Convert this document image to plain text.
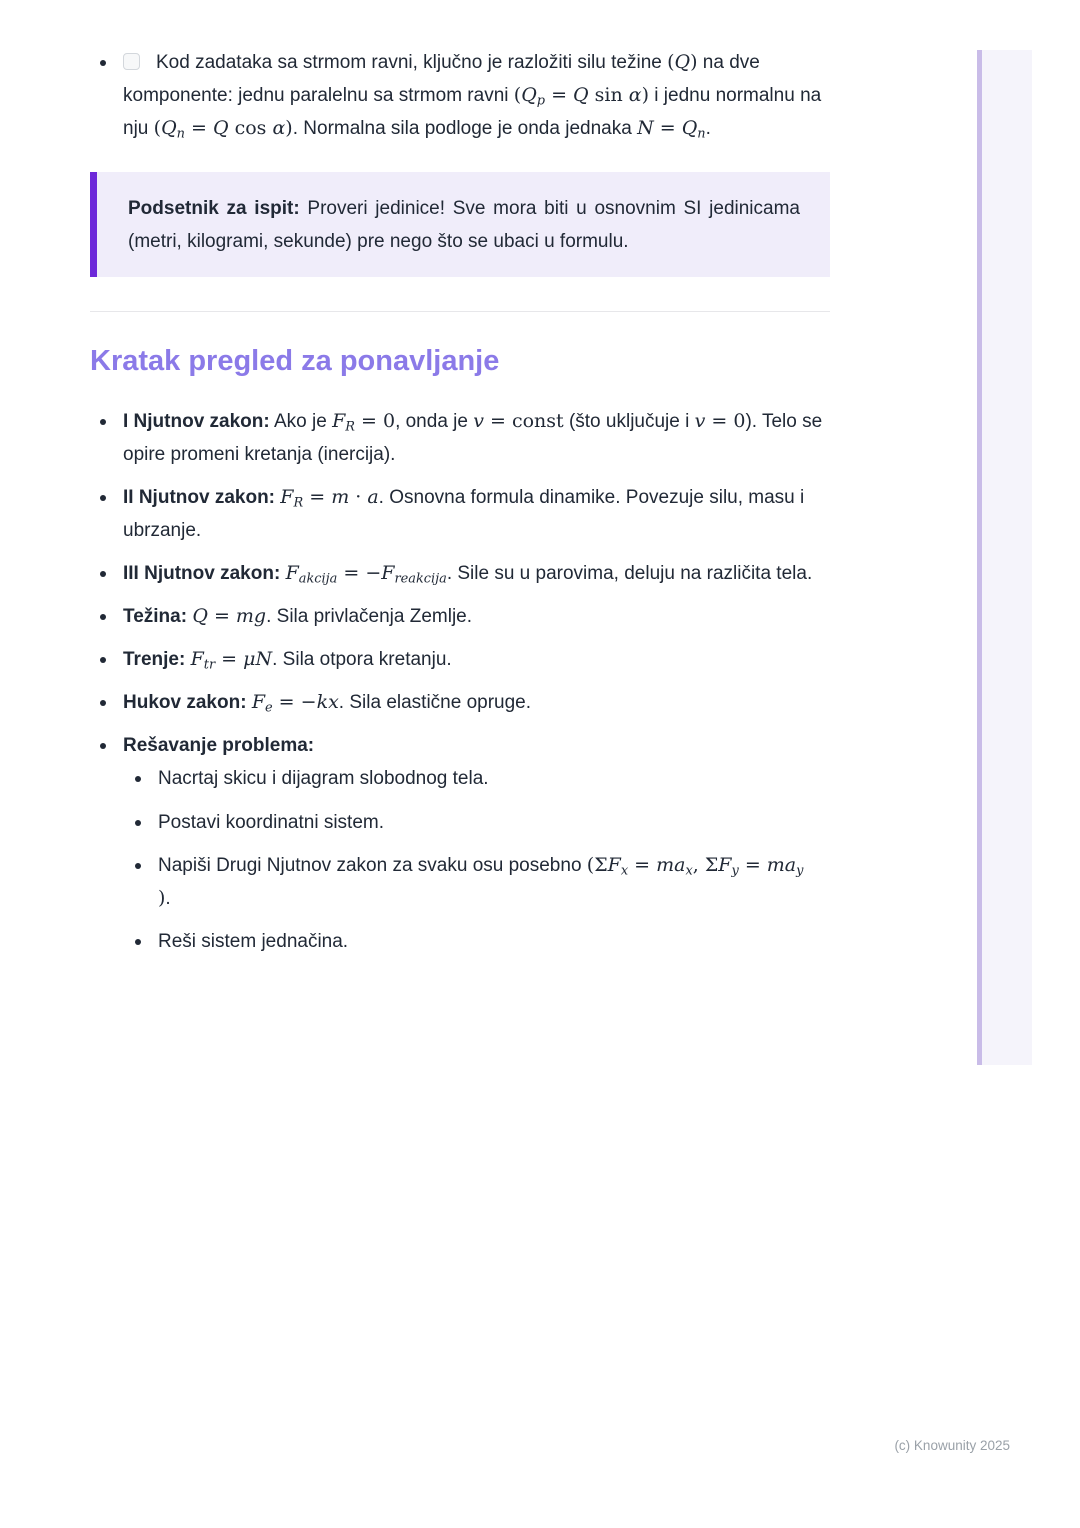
Kod zadataka sa strmom ravni, ključno je razložiti silu težine (Q) na dve komponente: jednu paralelnu sa strmom ravni ($Q_p = Q$ sin α) i jednu normalnu na nju ($Q_n = Q$ cos α). Normalna sila podloge je onda jednaka $N = Q_n$.

Podsetnik za ispit: Proveri jedinice! Sve mora biti u osnovnim SI jedinicama (metri, kilogrami, sekunde) pre nego što se ubaci u formulu.

Kratak pregled za ponavljanje
I Njutnov zakon: Ako je $F_R = 0$, onda je v = const (što uključuje i v = 0). Telo se opire promeni kretanja (inercija).
II Njutnov zakon: $F_R = m \cdot a$. Osnovna formula dinamike. Povezuje silu, masu i ubrzanje.
III Njutnov zakon: $F_{akcija} = -F_{reakcija}$. Sile su u parovima, deluju na različita tela.
Težina: Q = mg. Sila privlačenja Zemlje.
Trenje: $F_{tr} = \mu N$. Sila otpora kretanju.
Hukov zakon: $F_e = -kx$. Sila elastične opruge.
Rešavanje problema:
Nacrtaj skicu i dijagram slobodnog tela.
Postavi koordinatni sistem.
Napiši Drugi Njutnov zakon za svaku osu posebno ($\Sigma F_x = ma_x$, $\Sigma F_y = ma_y$
).
Reši sistem jednačina.
(c) Knowunity 2025
